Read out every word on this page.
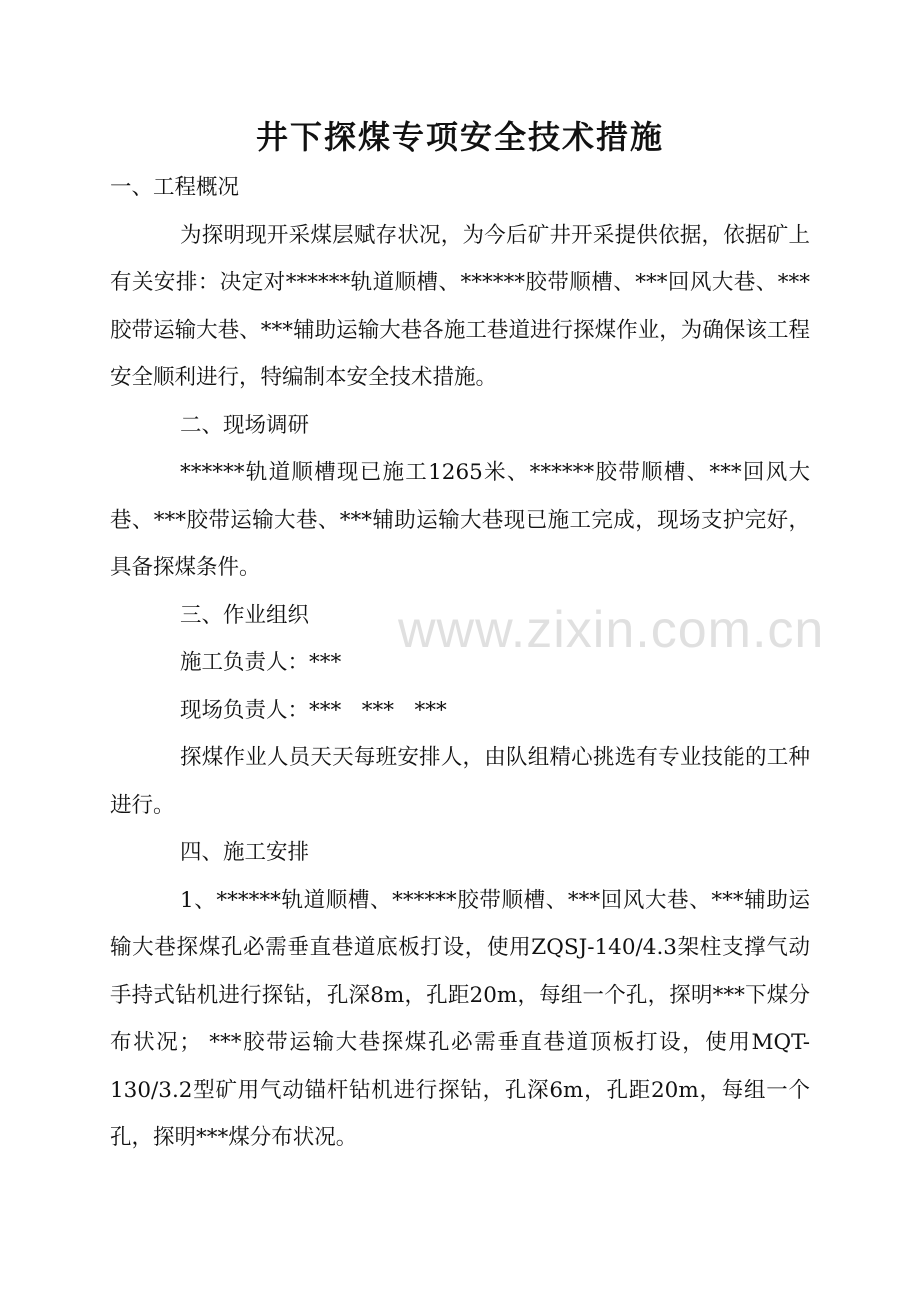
井下探煤专项安全技术措施

一、工程概况

为探明现开采煤层赋存状况，为今后矿井开采提供依据，依据矿上有关安排：决定对******轨道顺槽、******胶带顺槽、***回风大巷、***胶带运输大巷、***辅助运输大巷各施工巷道进行探煤作业，为确保该工程安全顺利进行，特编制本安全技术措施。

二、现场调研

******轨道顺槽现已施工1265米、******胶带顺槽、***回风大巷、***胶带运输大巷、***辅助运输大巷现已施工完成，现场支护完好，具备探煤条件。

三、作业组织

施工负责人：***

现场负责人：***   ***   ***

探煤作业人员天天每班安排人，由队组精心挑选有专业技能的工种进行。

四、施工安排

1、******轨道顺槽、******胶带顺槽、***回风大巷、***辅助运输大巷探煤孔必需垂直巷道底板打设，使用ZQSJ-140/4.3架柱支撑气动手持式钻机进行探钻，孔深8m，孔距20m，每组一个孔，探明***下煤分布状况； ***胶带运输大巷探煤孔必需垂直巷道顶板打设，使用MQT-130/3.2型矿用气动锚杆钻机进行探钻，孔深6m，孔距20m，每组一个孔，探明***煤分布状况。

www.zixin.com.cn
